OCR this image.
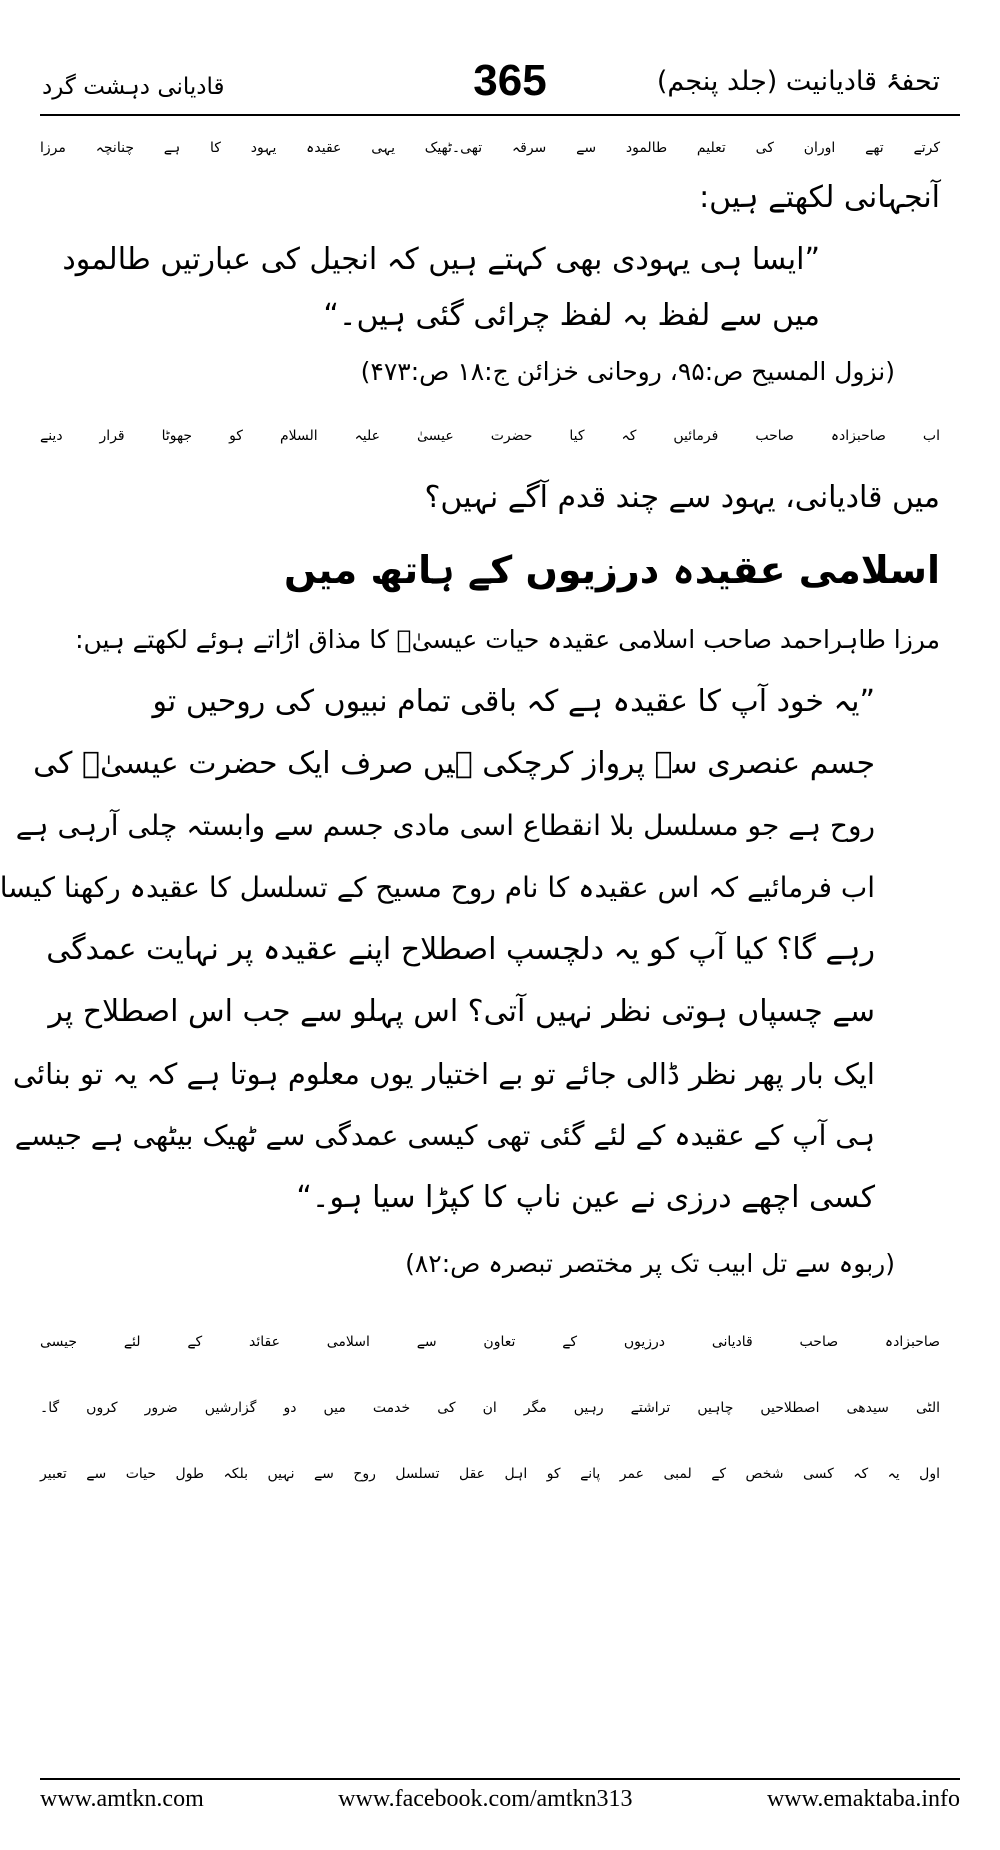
تحفۂ قادیانیت (جلد پنجم)
365
قادیانی دہشت گرد
کرتے تھے اوران کی تعلیم طالمود سے سرقہ تھی۔ٹھیک یہی عقیدہ یہود کا ہے چنانچہ مرزا
آنجہانی لکھتے ہیں:
”ایسا ہی یہودی بھی کہتے ہیں کہ انجیل کی عبارتیں طالمود
میں سے لفظ بہ لفظ چرائی گئی ہیں۔“
(نزول المسیح ص:۹۵، روحانی خزائن ج:۱۸ ص:۴۷۳)
اب صاحبزادہ صاحب فرمائیں کہ کیا حضرت عیسیٰ علیہ السلام کو جھوٹا قرار دینے
میں قادیانی، یہود سے چند قدم آگے نہیں؟
اسلامی عقیدہ درزیوں کے ہاتھ میں
مرزا طاہراحمد صاحب اسلامی عقیدہ حیات عیسیٰؑ کا مذاق اڑاتے ہوئے لکھتے ہیں:
”یہ خود آپ کا عقیدہ ہے کہ باقی تمام نبیوں کی روحیں تو
جسم عنصری سے پرواز کرچکی ہیں صرف ایک حضرت عیسیٰؑ کی
روح ہے جو مسلسل بلا انقطاع اسی مادی جسم سے وابستہ چلی آرہی ہے
اب فرمائیے کہ اس عقیدہ کا نام روح مسیح کے تسلسل کا عقیدہ رکھنا کیسا
رہے گا؟ کیا آپ کو یہ دلچسپ اصطلاح اپنے عقیدہ پر نہایت عمدگی
سے چسپاں ہوتی نظر نہیں آتی؟ اس پہلو سے جب اس اصطلاح پر
ایک بار پھر نظر ڈالی جائے تو بے اختیار یوں معلوم ہوتا ہے کہ یہ تو بنائی
ہی آپ کے عقیدہ کے لئے گئی تھی کیسی عمدگی سے ٹھیک بیٹھی ہے جیسے
کسی اچھے درزی نے عین ناپ کا کپڑا سیا ہو۔“
(ربوہ سے تل ابیب تک پر مختصر تبصرہ ص:۸۲)
صاحبزادہ صاحب قادیانی درزیوں کے تعاون سے اسلامی عقائد کے لئے جیسی
الٹی سیدھی اصطلاحیں چاہیں تراشتے رہیں مگر ان کی خدمت میں دو گزارشیں ضرور کروں گا۔
اول یہ کہ کسی شخص کے لمبی عمر پانے کو اہل عقل تسلسل روح سے نہیں بلکہ طول حیات سے تعبیر
www.amtkn.com	www.facebook.com/amtkn313	www.emaktaba.info
